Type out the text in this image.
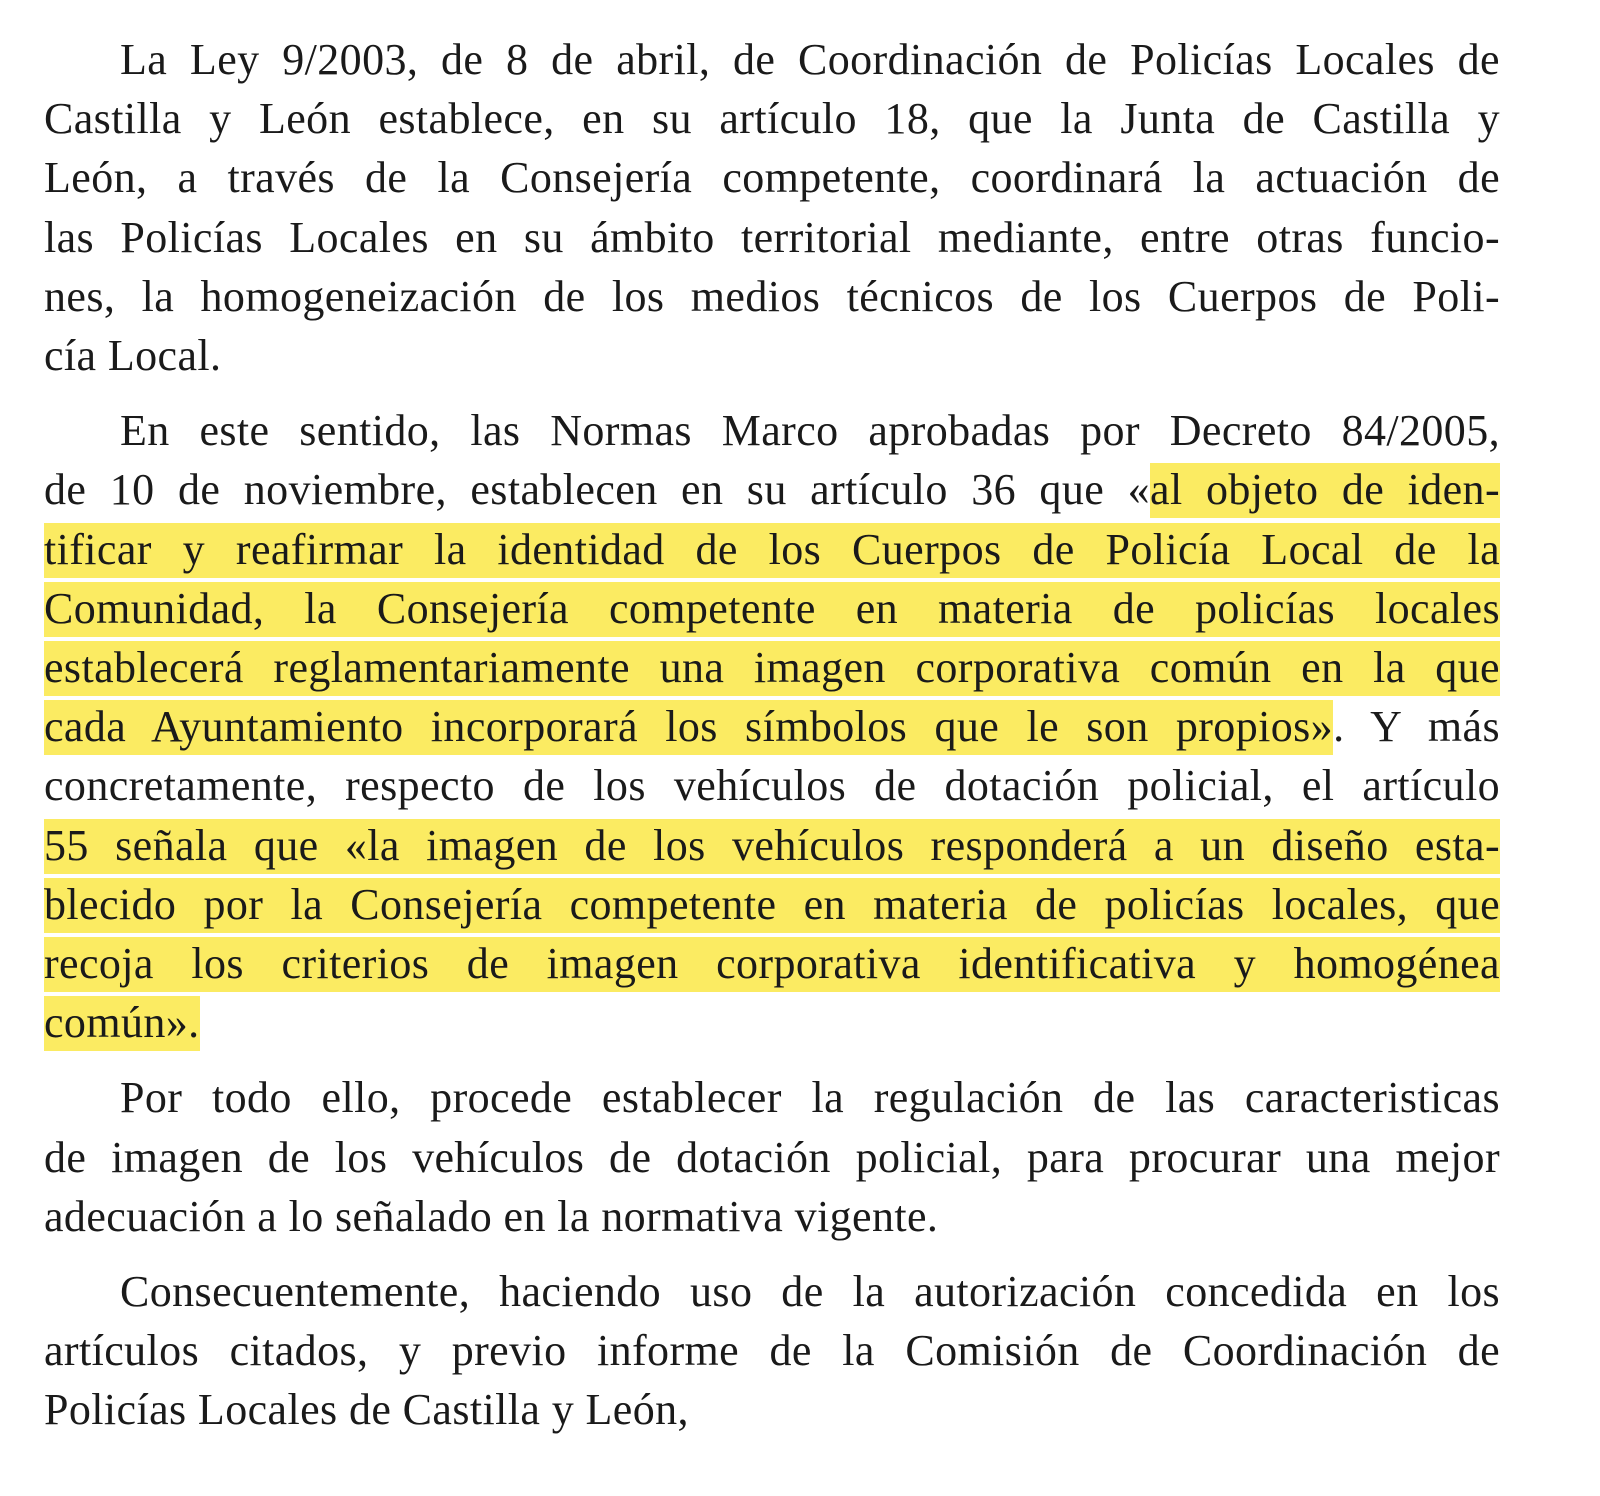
La Ley 9/2003, de 8 de abril, de Coordinación de Policías Locales de
Castilla y León establece, en su artículo 18, que la Junta de Castilla y
León, a través de la Consejería competente, coordinará la actuación de
las Policías Locales en su ámbito territorial mediante, entre otras funcio-
nes, la homogeneización de los medios técnicos de los Cuerpos de Poli-
cía Local.
En este sentido, las Normas Marco aprobadas por Decreto 84/2005,
de 10 de noviembre, establecen en su artículo 36 que «al objeto de iden-
tificar y reafirmar la identidad de los Cuerpos de Policía Local de la
Comunidad, la Consejería competente en materia de policías locales
establecerá reglamentariamente una imagen corporativa común en la que
cada Ayuntamiento incorporará los símbolos que le son propios». Y más
concretamente, respecto de los vehículos de dotación policial, el artículo
55 señala que «la imagen de los vehículos responderá a un diseño esta-
blecido por la Consejería competente en materia de policías locales, que
recoja los criterios de imagen corporativa identificativa y homogénea
común».
Por todo ello, procede establecer la regulación de las caracteristicas
de imagen de los vehículos de dotación policial, para procurar una mejor
adecuación a lo señalado en la normativa vigente.
Consecuentemente, haciendo uso de la autorización concedida en los
artículos citados, y previo informe de la Comisión de Coordinación de
Policías Locales de Castilla y León,
